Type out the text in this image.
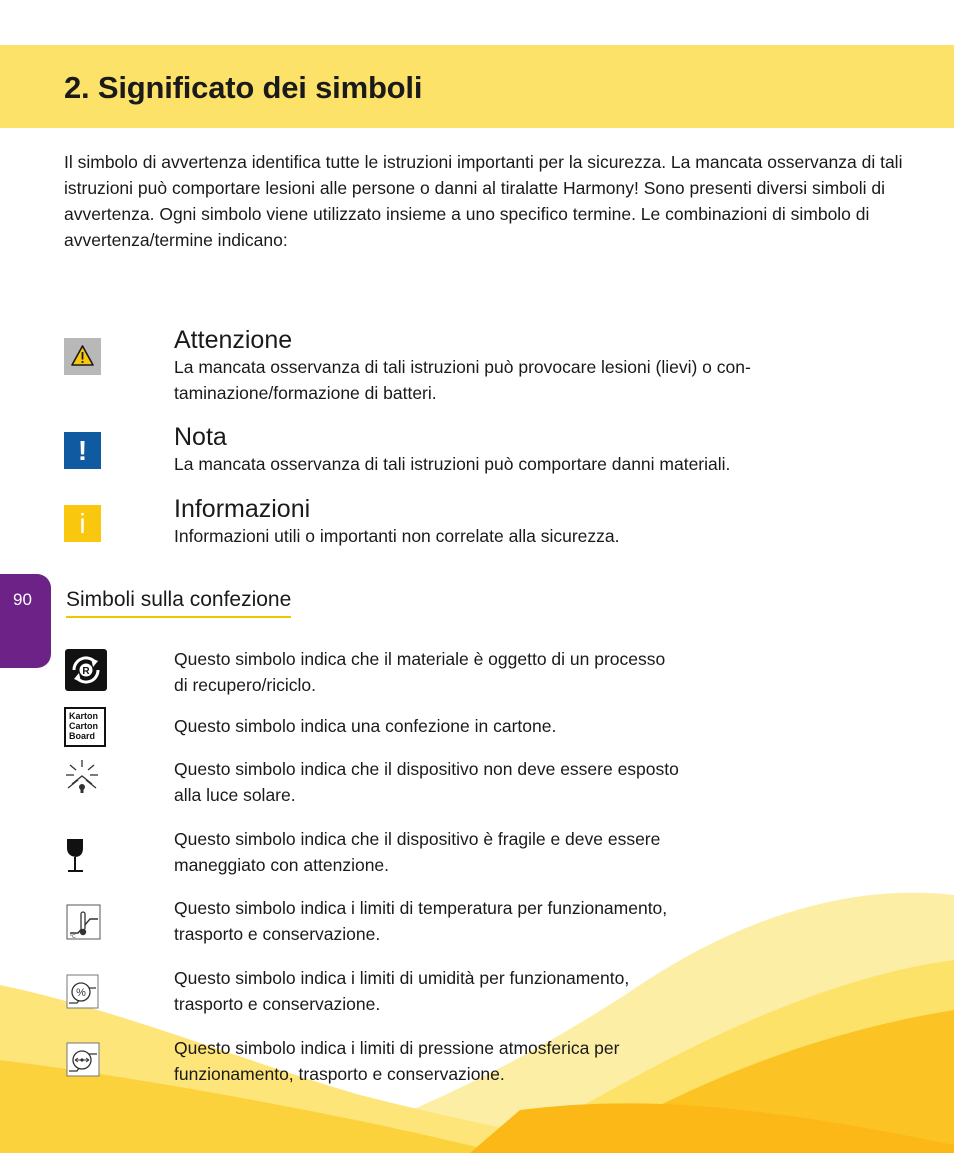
2. Significato dei simboli

Il simbolo di avvertenza identifica tutte le istruzioni importanti per la sicurezza. La mancata osservanza di tali istruzioni può comportare lesioni alle persone o danni al tiralatte Harmony! Sono presenti diversi simboli di avvertenza. Ogni simbolo viene utilizzato insieme a uno specifico termine. Le combinazioni di simbolo di avvertenza/termine indicano:

Attenzione
La mancata osservanza di tali istruzioni può provocare lesioni (lievi) o con-
taminazione/formazione di batteri.
!	Nota
La mancata osservanza di tali istruzioni può comportare danni materiali.
i	Informazioni
Informazioni utili o importanti non correlate alla sicurezza.
90	Simboli sulla confezione
R
Questo simbolo indica che il materiale è oggetto di un processo
di recupero/riciclo.
Karton
Carton
Board	Questo simbolo indica una confezione in cartone.
Questo simbolo indica che il dispositivo non deve essere esposto
alla luce solare.
Questo simbolo indica che il dispositivo è fragile e deve essere
maneggiato con attenzione.
°C
Questo simbolo indica i limiti di temperatura per funzionamento,
trasporto e conservazione.
%
Questo simbolo indica i limiti di umidità per funzionamento,
trasporto e conservazione.
Questo simbolo indica i limiti di pressione atmosferica per
funzionamento, trasporto e conservazione.
